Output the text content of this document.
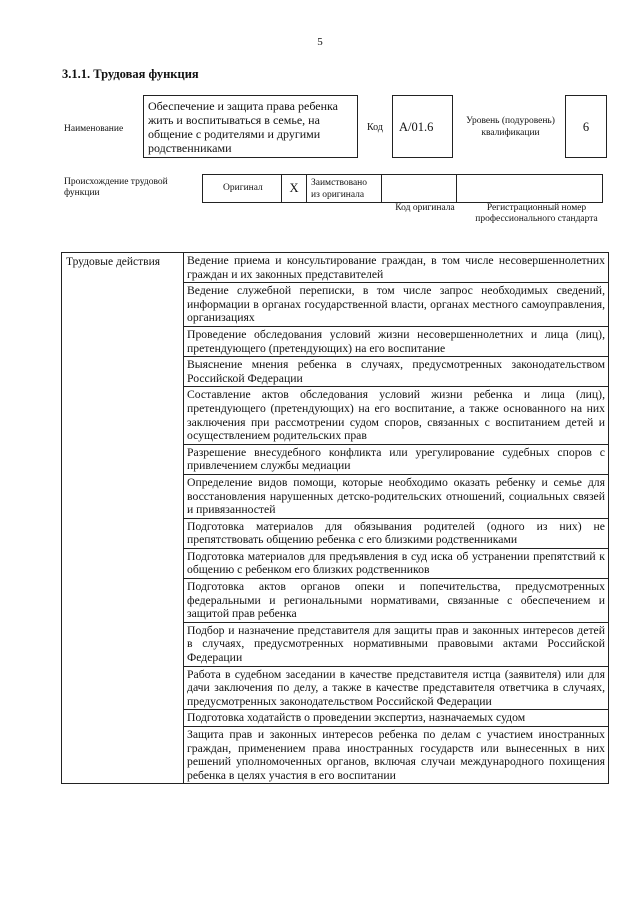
5
3.1.1. Трудовая функция
Наименование
Обеспечение и защита права ребенка жить и воспитываться в семье, на общение с родителями и другими родственниками
Код	A/01.6	Уровень (подуровень) квалификации	6
Происхождение трудовой функции	Оригинал	X	Заимствовано из оригинала
Код оригинала	Регистрационный номер профессионального стандарта
Трудовые действия	Ведение приема и консультирование граждан, в том числе несовершеннолетних граждан и их законных представителей
Ведение служебной переписки, в том числе запрос необходимых сведений, информации в органах государственной власти, органах местного самоуправления, организациях
Проведение обследования условий жизни несовершеннолетних и лица (лиц), претендующего (претендующих) на его воспитание
Выяснение мнения ребенка в случаях, предусмотренных законодательством Российской Федерации
Составление актов обследования условий жизни ребенка и лица (лиц), претендующего (претендующих) на его воспитание, а также основанного на них заключения при рассмотрении судом споров, связанных с воспитанием детей и осуществлением родительских прав
Разрешение внесудебного конфликта или урегулирование судебных споров с привлечением службы медиации
Определение видов помощи, которые необходимо оказать ребенку и семье для восстановления нарушенных детско-родительских отношений, социальных связей и привязанностей
Подготовка материалов для обязывания родителей (одного из них) не препятствовать общению ребенка с его близкими родственниками
Подготовка материалов для предъявления в суд иска об устранении препятствий к общению с ребенком его близких родственников
Подготовка актов органов опеки и попечительства, предусмотренных федеральными и региональными нормативами, связанные с обеспечением и защитой прав ребенка
Подбор и назначение представителя для защиты прав и законных интересов детей в случаях, предусмотренных нормативными правовыми актами Российской Федерации
Работа в судебном заседании в качестве представителя истца (заявителя) или для дачи заключения по делу, а также в качестве представителя ответчика в случаях, предусмотренных законодательством Российской Федерации
Подготовка ходатайств о проведении экспертиз, назначаемых судом
Защита прав и законных интересов ребенка по делам с участием иностранных граждан, применением права иностранных государств или вынесенных в них решений уполномоченных органов, включая случаи международного похищения ребенка в целях участия в его воспитании
